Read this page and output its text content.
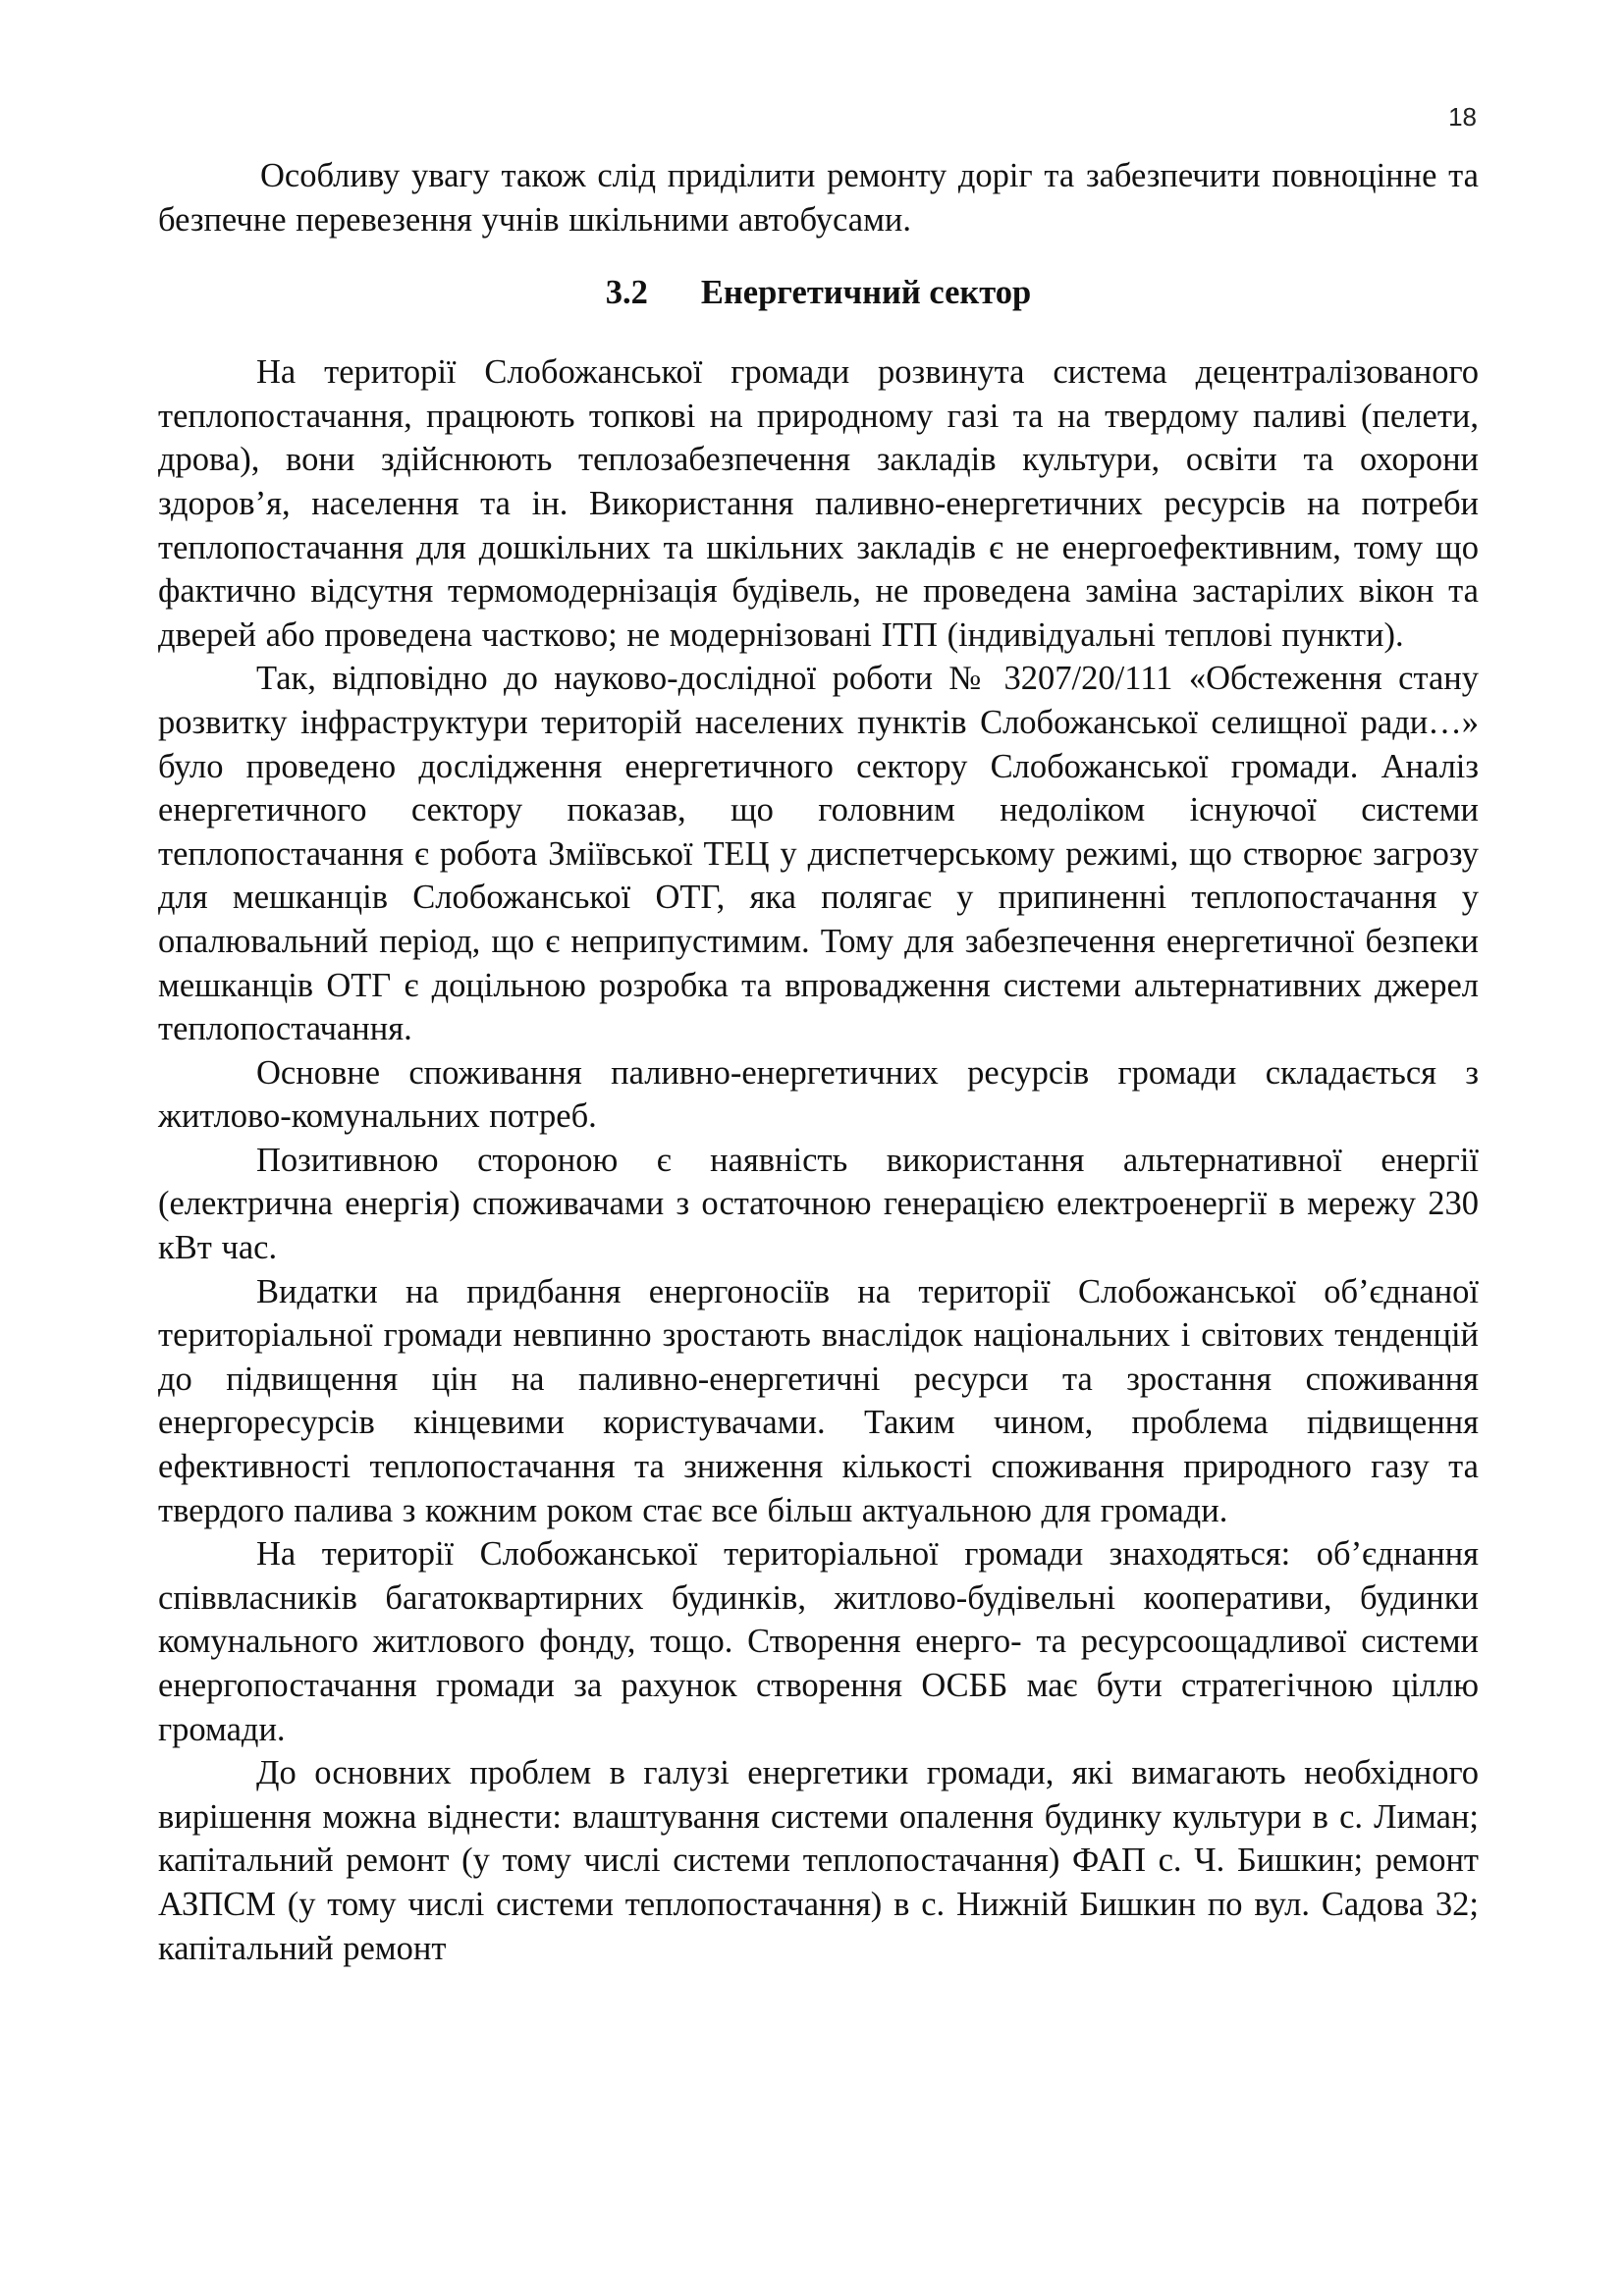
18

Особливу увагу також слід приділити ремонту доріг та забезпечити повноцінне та безпечне перевезення учнів шкільними автобусами.

3.2 Енергетичний сектор

На території Слобожанської громади розвинута система децентралізованого теплопостачання, працюють топкові на природному газі та на твердому паливі (пелети, дрова), вони здійснюють теплозабезпечення закладів культури, освіти та охорони здоров’я, населення та ін. Використання паливно-енергетичних ресурсів на потреби теплопостачання для дошкільних та шкільних закладів є не енергоефективним, тому що фактично відсутня термомодернізація будівель, не проведена заміна застарілих вікон та дверей або проведена частково; не модернізовані ІТП (індивідуальні теплові пункти).

Так, відповідно до науково-дослідної роботи № 3207/20/111 «Обстеження стану розвитку інфраструктури територій населених пунктів Слобожанської селищної ради…» було проведено дослідження енергетичного сектору Слобожанської громади. Аналіз енергетичного сектору показав, що головним недоліком існуючої системи теплопостачання є робота Зміївської ТЕЦ у диспетчерському режимі, що створює загрозу для мешканців Слобожанської ОТГ, яка полягає у припиненні теплопостачання у опалювальний період, що є неприпустимим. Тому для забезпечення енергетичної безпеки мешканців ОТГ є доцільною розробка та впровадження системи альтернативних джерел теплопостачання.

Основне споживання паливно-енергетичних ресурсів громади складається з житлово-комунальних потреб.

Позитивною стороною є наявність використання альтернативної енергії (електрична енергія) споживачами з остаточною генерацією електроенергії в мережу 230 кВт час.

Видатки на придбання енергоносіїв на території Слобожанської об’єднаної територіальної громади невпинно зростають внаслідок національних і світових тенденцій до підвищення цін на паливно-енергетичні ресурси та зростання споживання енергоресурсів кінцевими користувачами. Таким чином, проблема підвищення ефективності теплопостачання та зниження кількості споживання природного газу та твердого палива з кожним роком стає все більш актуальною для громади.

На території Слобожанської територіальної громади знаходяться: об’єднання співвласників багатоквартирних будинків, житлово-будівельні кооперативи, будинки комунального житлового фонду, тощо. Створення енерго- та ресурсоощадливої системи енергопостачання громади за рахунок створення ОСББ має бути стратегічною ціллю громади.

До основних проблем в галузі енергетики громади, які вимагають необхідного вирішення можна віднести: влаштування системи опалення будинку культури в с. Лиман; капітальний ремонт (у тому числі системи теплопостачання) ФАП с. Ч. Бишкин; ремонт АЗПСМ (у тому числі системи теплопостачання) в с. Нижній Бишкин по вул. Садова 32; капітальний ремонт
